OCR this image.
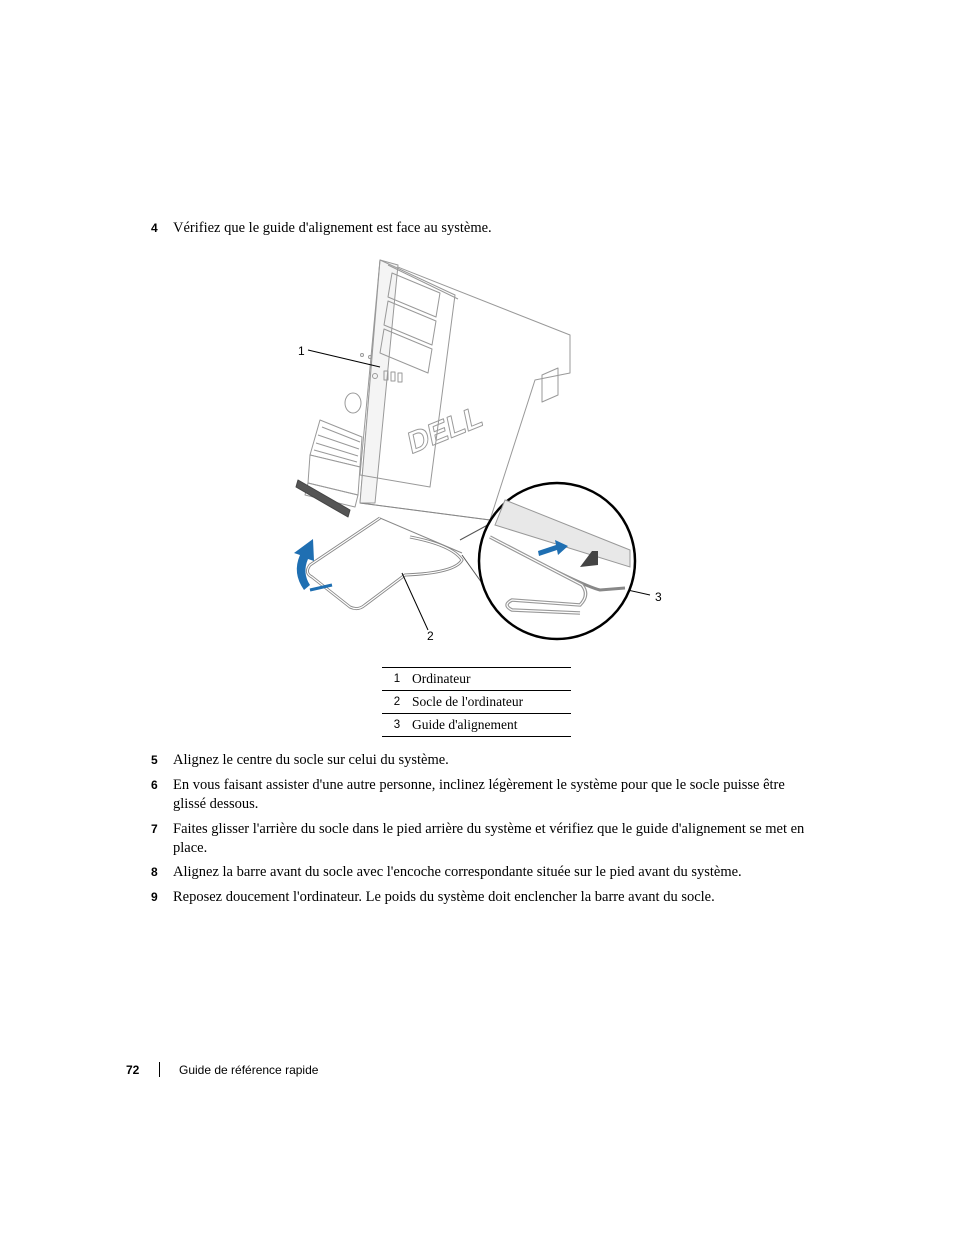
4 Vérifiez que le guide d'alignement est face au système.
DELL
1
2
3
1	Ordinateur
2	Socle de l'ordinateur
3	Guide d'alignement
5 Alignez le centre du socle sur celui du système.
6 En vous faisant assister d'une autre personne, inclinez légèrement le système pour que le socle puisse être glissé dessous.
7 Faites glisser l'arrière du socle dans le pied arrière du système et vérifiez que le guide d'alignement se met en place.
8 Alignez la barre avant du socle avec l'encoche correspondante située sur le pied avant du système.
9 Reposez doucement l'ordinateur. Le poids du système doit enclencher la barre avant du socle.
72	Guide de référence rapide
